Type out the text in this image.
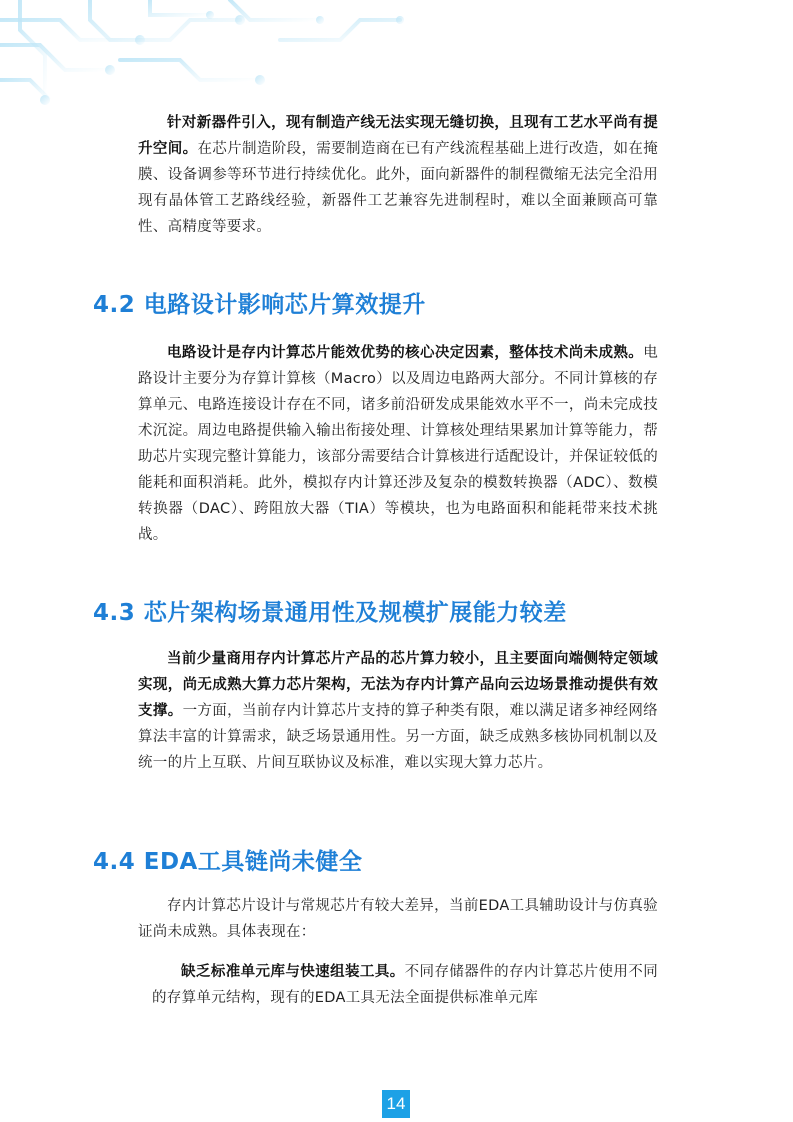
针对新器件引入，现有制造产线无法实现无缝切换，且现有工艺水平尚有提升空间。在芯片制造阶段，需要制造商在已有产线流程基础上进行改造，如在掩膜、设备调参等环节进行持续优化。此外，面向新器件的制程微缩无法完全沿用现有晶体管工艺路线经验，新器件工艺兼容先进制程时，难以全面兼顾高可靠性、高精度等要求。

4.2 电路设计影响芯片算效提升

电路设计是存内计算芯片能效优势的核心决定因素，整体技术尚未成熟。电路设计主要分为存算计算核（Macro）以及周边电路两大部分。不同计算核的存算单元、电路连接设计存在不同，诸多前沿研发成果能效水平不一，尚未完成技术沉淀。周边电路提供输入输出衔接处理、计算核处理结果累加计算等能力，帮助芯片实现完整计算能力，该部分需要结合计算核进行适配设计，并保证较低的能耗和面积消耗。此外，模拟存内计算还涉及复杂的模数转换器（ADC）、数模转换器（DAC）、跨阻放大器（TIA）等模块，也为电路面积和能耗带来技术挑战。

4.3 芯片架构场景通用性及规模扩展能力较差

当前少量商用存内计算芯片产品的芯片算力较小，且主要面向端侧特定领域实现，尚无成熟大算力芯片架构，无法为存内计算产品向云边场景推动提供有效支撑。一方面，当前存内计算芯片支持的算子种类有限，难以满足诸多神经网络算法丰富的计算需求，缺乏场景通用性。另一方面，缺乏成熟多核协同机制以及统一的片上互联、片间互联协议及标准，难以实现大算力芯片。

4.4 EDA工具链尚未健全

存内计算芯片设计与常规芯片有较大差异，当前EDA工具辅助设计与仿真验证尚未成熟。具体表现在：

缺乏标准单元库与快速组装工具。不同存储器件的存内计算芯片使用不同的存算单元结构，现有的EDA工具无法全面提供标准单元库

14
